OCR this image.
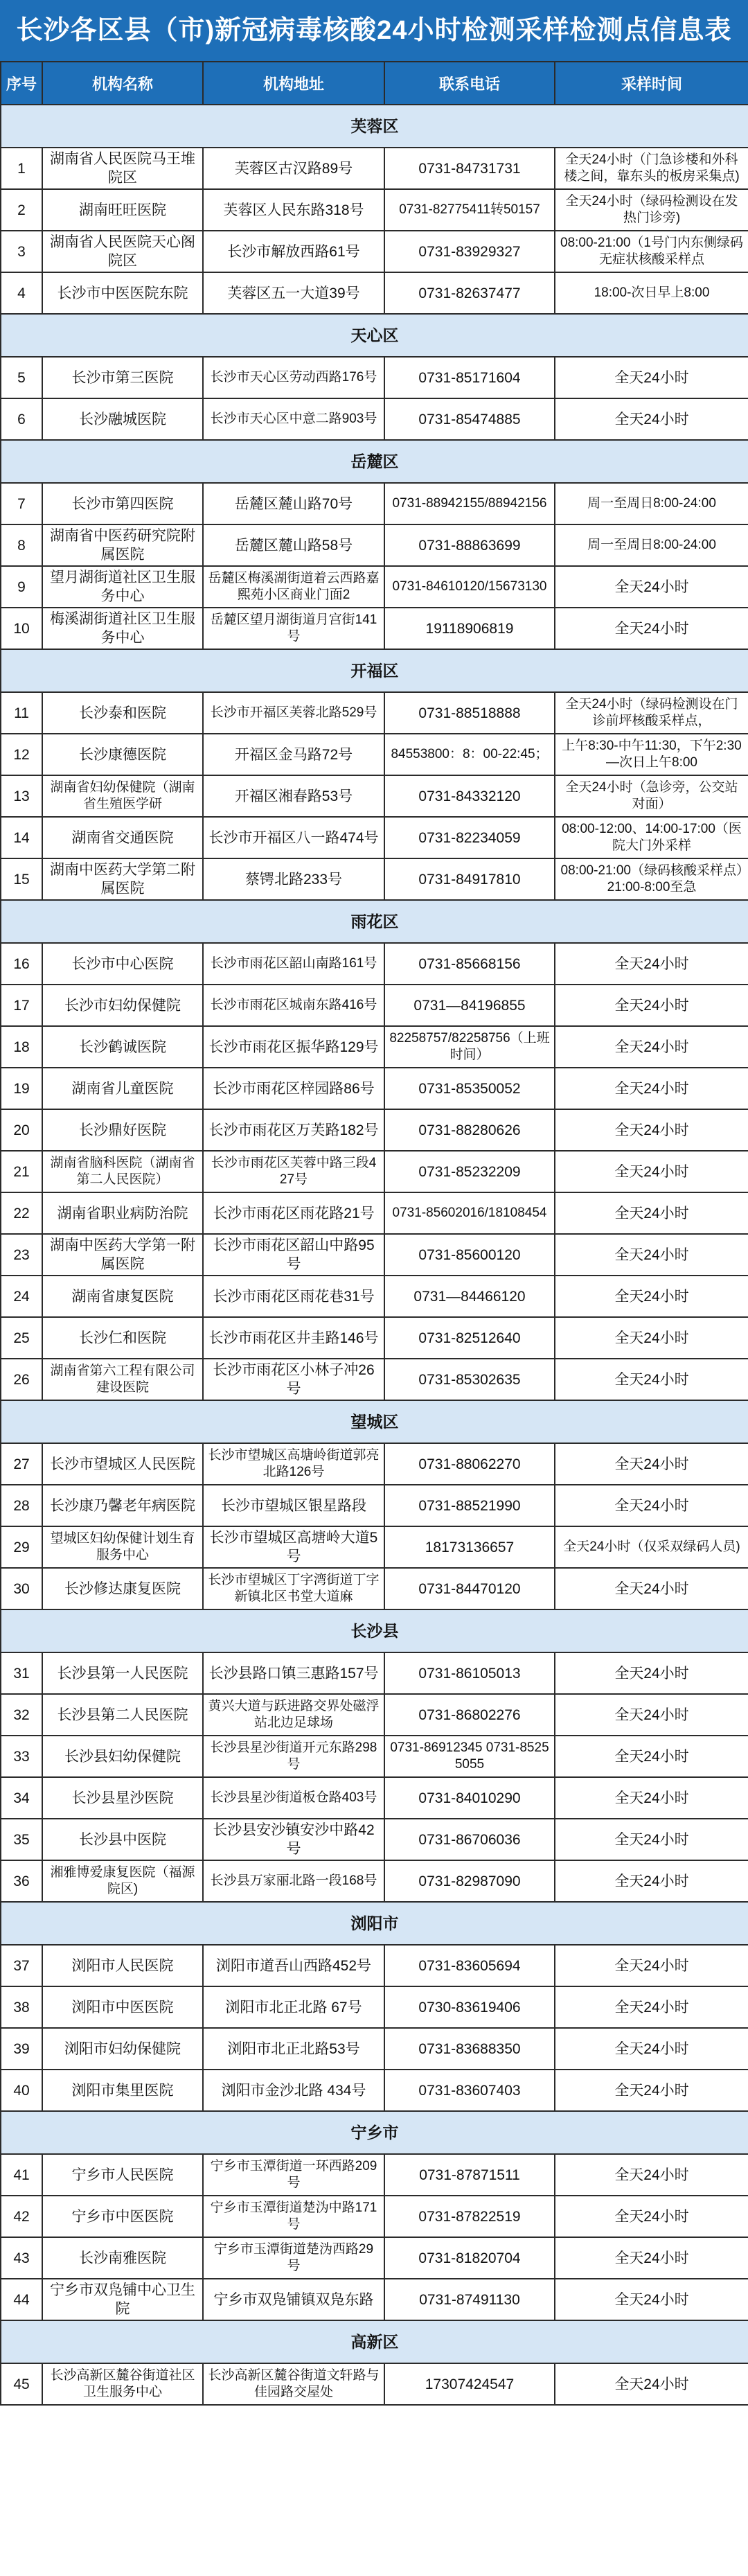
长沙各区县（市)新冠病毒核酸24小时检测采样检测点信息表
序号	机构名称	机构地址	联系电话	采样时间
芙蓉区				
1	湖南省人民医院马王堆院区	芙蓉区古汉路89号	0731-84731731	全天24小时（门急诊楼和外科楼之间，靠东头的板房采集点)
2	湖南旺旺医院	芙蓉区人民东路318号	0731-82775411转50157	全天24小时（绿码检测设在发热门诊旁)
3	湖南省人民医院天心阁院区	长沙市解放西路61号	0731-83929327	08:00-21:00（1号门内东侧绿码无症状核酸采样点
4	长沙市中医医院东院	芙蓉区五一大道39号	0731-82637477	18:00-次日早上8:00
天心区				
5	长沙市第三医院	长沙市天心区劳动西路176号	0731-85171604	全天24小时
6	长沙融城医院	长沙市天心区中意二路903号	0731-85474885	全天24小时
岳麓区				
7	长沙市第四医院	岳麓区麓山路70号	0731-88942155/88942156	周一至周日8:00-24:00
8	湖南省中医药研究院附属医院	岳麓区麓山路58号	0731-88863699	周一至周日8:00-24:00
9	望月湖街道社区卫生服务中心	岳麓区梅溪湖街道着云西路嘉熙苑小区商业门面2	0731-84610120/15673130	全天24小时
10	梅溪湖街道社区卫生服务中心	岳麓区望月湖街道月宫街141号	19118906819	全天24小时
开福区				
11	长沙泰和医院	长沙市开福区芙蓉北路529号	0731-88518888	全天24小时（绿码检测设在门诊前坪核酸采样点，
12	长沙康德医院	开福区金马路72号	84553800：8：00-22:45；	上午8:30-中午11:30，下午2:30—次日上午8:00
13	湖南省妇幼保健院（湖南省生殖医学研	开福区湘春路53号	0731-84332120	全天24小时（急诊旁，公交站对面）
14	湖南省交通医院	长沙市开福区八一路474号	0731-82234059	08:00-12:00、14:00-17:00（医院大门外采样
15	湖南中医药大学第二附属医院	蔡锷北路233号	0731-84917810	08:00-21:00（绿码核酸采样点）21:00-8:00至急
雨花区				
16	长沙市中心医院	长沙市雨花区韶山南路161号	0731-85668156	全天24小时
17	长沙市妇幼保健院	长沙市雨花区城南东路416号	0731—84196855	全天24小时
18	长沙鹤诚医院	长沙市雨花区振华路129号	82258757/82258756（上班时间）	全天24小时
19	湖南省儿童医院	长沙市雨花区梓园路86号	0731-85350052	全天24小时
20	长沙鼎好医院	长沙市雨花区万芙路182号	0731-88280626	全天24小时
21	湖南省脑科医院（湖南省第二人民医院）	长沙市雨花区芙蓉中路三段427号	0731-85232209	全天24小时
22	湖南省职业病防治院	长沙市雨花区雨花路21号	0731-85602016/18108454	全天24小时
23	湖南中医药大学第一附属医院	长沙市雨花区韶山中路95号	0731-85600120	全天24小时
24	湖南省康复医院	长沙市雨花区雨花巷31号	0731—84466120	全天24小时
25	长沙仁和医院	长沙市雨花区井圭路146号	0731-82512640	全天24小时
26	湖南省第六工程有限公司建设医院	长沙市雨花区小林子冲26号	0731-85302635	全天24小时
望城区				
27	长沙市望城区人民医院	长沙市望城区高塘岭街道郭亮北路126号	0731-88062270	全天24小时
28	长沙康乃馨老年病医院	长沙市望城区银星路段	0731-88521990	全天24小时
29	望城区妇幼保健计划生育服务中心	长沙市望城区高塘岭大道5号	18173136657	全天24小时（仅采双绿码人员)
30	长沙修达康复医院	长沙市望城区丁字湾街道丁字新镇北区书堂大道麻	0731-84470120	全天24小时
长沙县				
31	长沙县第一人民医院	长沙县路口镇三惠路157号	0731-86105013	全天24小时
32	长沙县第二人民医院	黄兴大道与跃进路交界处磁浮站北边足球场	0731-86802276	全天24小时
33	长沙县妇幼保健院	长沙县星沙街道开元东路298号	0731-86912345 0731-85255055	全天24小时
34	长沙县星沙医院	长沙县星沙街道板仓路403号	0731-84010290	全天24小时
35	长沙县中医院	长沙县安沙镇安沙中路42号	0731-86706036	全天24小时
36	湘雅博爱康复医院（福源院区)	长沙县万家丽北路一段168号	0731-82987090	全天24小时
浏阳市				
37	浏阳市人民医院	浏阳市道吾山西路452号	0731-83605694	全天24小时
38	浏阳市中医医院	浏阳市北正北路 67号	0730-83619406	全天24小时
39	浏阳市妇幼保健院	浏阳市北正北路53号	0731-83688350	全天24小时
40	浏阳市集里医院	浏阳市金沙北路 434号	0731-83607403	全天24小时
宁乡市				
41	宁乡市人民医院	宁乡市玉潭街道一环西路209号	0731-87871511	全天24小时
42	宁乡市中医医院	宁乡市玉潭街道楚沩中路171号	0731-87822519	全天24小时
43	长沙南雅医院	宁乡市玉潭街道楚沩西路29号	0731-81820704	全天24小时
44	宁乡市双凫铺中心卫生院	宁乡市双凫铺镇双凫东路	0731-87491130	全天24小时
高新区				
45	长沙高新区麓谷街道社区卫生服务中心	长沙高新区麓谷街道文轩路与佳园路交屋处	17307424547	全天24小时
